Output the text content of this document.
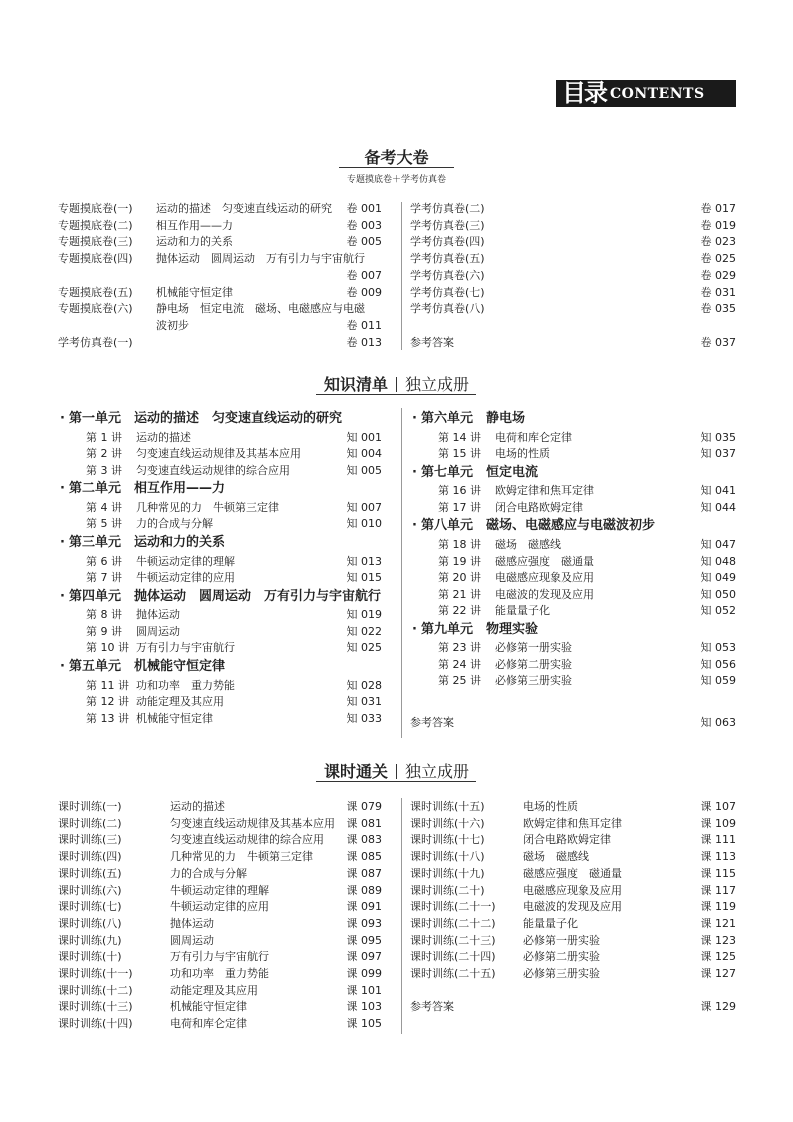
目录 CONTENTS
备考大卷
专题摸底卷＋学考仿真卷
专题摸底卷(一) 运动的描述　匀变速直线运动的研究 卷 001
专题摸底卷(二) 相互作用——力	卷 003
专题摸底卷(三) 运动和力的关系	卷 005
专题摸底卷(四) 抛体运动　圆周运动　万有引力与宇宙航行
卷 007
专题摸底卷(五) 机械能守恒定律	卷 009
专题摸底卷(六) 静电场　恒定电流　磁场、电磁感应与电磁
波初步	卷 011
学考仿真卷(一)	卷 013
学考仿真卷(二)	卷 017
学考仿真卷(三)	卷 019
学考仿真卷(四)	卷 023
学考仿真卷(五)	卷 025
学考仿真卷(六)	卷 029
学考仿真卷(七)	卷 031
学考仿真卷(八)	卷 035
参考答案	卷 037
知识清单 独立成册
· 第一单元　运动的描述　匀变速直线运动的研究
第 1 讲 运动的描述	知 001
第 2 讲 匀变速直线运动规律及其基本应用	知 004
第 3 讲 匀变速直线运动规律的综合应用	知 005
· 第二单元　相互作用——力
第 4 讲 几种常见的力　牛顿第三定律	知 007
第 5 讲 力的合成与分解	知 010
· 第三单元　运动和力的关系
第 6 讲 牛顿运动定律的理解	知 013
第 7 讲 牛顿运动定律的应用	知 015
· 第四单元　抛体运动　圆周运动　万有引力与宇宙航行
第 8 讲 抛体运动	知 019
第 9 讲 圆周运动	知 022
第 10 讲 万有引力与宇宙航行	知 025
· 第五单元　机械能守恒定律
第 11 讲 功和功率　重力势能	知 028
第 12 讲 动能定理及其应用	知 031
第 13 讲 机械能守恒定律	知 033
· 第六单元　静电场
第 14 讲 电荷和库仑定律	知 035
第 15 讲 电场的性质	知 037
· 第七单元　恒定电流
第 16 讲 欧姆定律和焦耳定律	知 041
第 17 讲 闭合电路欧姆定律	知 044
· 第八单元　磁场、电磁感应与电磁波初步
第 18 讲 磁场　磁感线	知 047
第 19 讲 磁感应强度　磁通量	知 048
第 20 讲 电磁感应现象及应用	知 049
第 21 讲 电磁波的发现及应用	知 050
第 22 讲 能量量子化	知 052
· 第九单元　物理实验
第 23 讲 必修第一册实验	知 053
第 24 讲 必修第二册实验	知 056
第 25 讲 必修第三册实验	知 059
参考答案	知 063
课时通关 独立成册
课时训练(一)	运动的描述	课 079
课时训练(二)	匀变速直线运动规律及其基本应用 课 081
课时训练(三)	匀变速直线运动规律的综合应用 课 083
课时训练(四)	几种常见的力　牛顿第三定律	课 085
课时训练(五)	力的合成与分解	课 087
课时训练(六)	牛顿运动定律的理解	课 089
课时训练(七)	牛顿运动定律的应用	课 091
课时训练(八)	抛体运动	课 093
课时训练(九)	圆周运动	课 095
课时训练(十)	万有引力与宇宙航行	课 097
课时训练(十一)	功和功率　重力势能	课 099
课时训练(十二)	动能定理及其应用	课 101
课时训练(十三)	机械能守恒定律	课 103
课时训练(十四)	电荷和库仑定律	课 105
课时训练(十五)	电场的性质	课 107
课时训练(十六)	欧姆定律和焦耳定律	课 109
课时训练(十七)	闭合电路欧姆定律	课 111
课时训练(十八)	磁场　磁感线	课 113
课时训练(十九)	磁感应强度　磁通量	课 115
课时训练(二十)	电磁感应现象及应用	课 117
课时训练(二十一) 电磁波的发现及应用	课 119
课时训练(二十二) 能量量子化	课 121
课时训练(二十三) 必修第一册实验	课 123
课时训练(二十四) 必修第二册实验	课 125
课时训练(二十五) 必修第三册实验	课 127
参考答案	课 129
